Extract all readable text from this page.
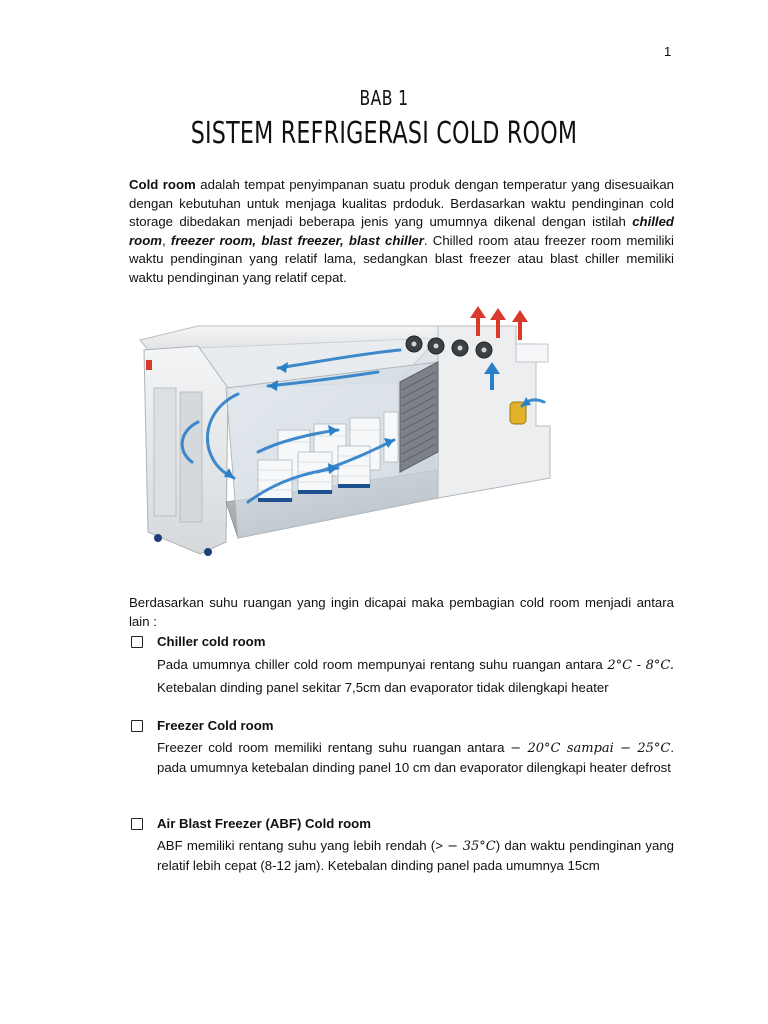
1
BAB 1
SISTEM REFRIGERASI COLD ROOM

Cold room adalah tempat penyimpanan suatu produk dengan temperatur yang disesuaikan dengan kebutuhan untuk menjaga kualitas prdoduk. Berdasarkan waktu pendinginan cold storage dibedakan menjadi beberapa jenis yang umumnya dikenal dengan istilah chilled room, freezer room, blast freezer, blast chiller. Chilled room atau freezer room memiliki waktu pendinginan yang relatif lama, sedangkan blast freezer atau blast chiller memiliki waktu pendinginan yang relatif cepat.

Berdasarkan suhu ruangan yang ingin dicapai maka pembagian cold room menjadi antara lain :

Chiller cold room

Pada umumnya chiller cold room mempunyai rentang suhu ruangan antara 2°C - 8°C. Ketebalan dinding panel sekitar 7,5cm dan evaporator tidak dilengkapi heater

Freezer Cold room

Freezer cold room memiliki rentang suhu ruangan antara − 20°C sampai − 25°C. pada umumnya ketebalan dinding panel 10 cm dan evaporator dilengkapi heater defrost

Air Blast Freezer (ABF) Cold room

ABF memiliki rentang suhu yang lebih rendah (> − 35°C) dan waktu pendinginan yang relatif lebih cepat (8-12 jam). Ketebalan dinding panel pada umumnya 15cm
